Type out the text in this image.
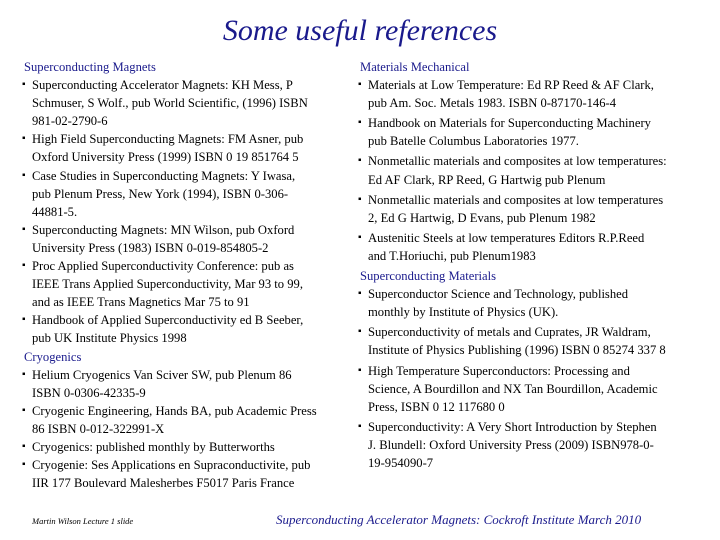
Some useful references
Superconducting Magnets
▪ Superconducting Accelerator Magnets: KH Mess, P
Schmuser, S Wolf., pub World Scientific, (1996) ISBN
981-02-2790-6
▪ High Field Superconducting Magnets: FM Asner, pub
Oxford University Press (1999) ISBN 0 19 851764 5
▪ Case Studies in Superconducting Magnets: Y Iwasa,
pub Plenum Press, New York (1994), ISBN 0-306-
44881-5.
▪ Superconducting Magnets: MN Wilson, pub Oxford
University Press (1983) ISBN 0-019-854805-2
▪ Proc Applied Superconductivity Conference: pub as
IEEE Trans Applied Superconductivity, Mar 93 to 99,
and as IEEE Trans Magnetics Mar 75 to 91
▪ Handbook of Applied Superconductivity ed B Seeber,
pub UK Institute Physics 1998
Cryogenics
▪ Helium Cryogenics Van Sciver SW, pub Plenum 86
ISBN 0-0306-42335-9
▪ Cryogenic Engineering, Hands BA, pub Academic Press
86 ISBN 0-012-322991-X
▪ Cryogenics: published monthly by Butterworths
▪ Cryogenie: Ses Applications en Supraconductivite, pub
IIR 177 Boulevard Malesherbes F5017 Paris France
Materials Mechanical
▪ Materials at Low Temperature: Ed RP Reed & AF Clark,
pub Am. Soc. Metals 1983. ISBN 0-87170-146-4
▪ Handbook on Materials for Superconducting Machinery
pub Batelle Columbus Laboratories 1977.
▪ Nonmetallic materials and composites at low temperatures:
Ed AF Clark, RP Reed, G Hartwig pub Plenum
▪ Nonmetallic materials and composites at low temperatures
2, Ed G Hartwig, D Evans, pub Plenum 1982
▪ Austenitic Steels at low temperatures Editors R.P.Reed
and T.Horiuchi, pub Plenum1983
Superconducting Materials
▪ Superconductor Science and Technology, published
monthly by Institute of Physics (UK).
▪ Superconductivity of metals and Cuprates, JR Waldram,
Institute of Physics Publishing (1996) ISBN 0 85274 337 8
▪ High Temperature Superconductors: Processing and
Science, A Bourdillon and NX Tan Bourdillon, Academic
Press, ISBN 0 12 117680 0
▪ Superconductivity: A Very Short Introduction by Stephen
J. Blundell: Oxford University Press (2009) ISBN978-0-
19-954090-7
Martin Wilson Lecture 1 slide	Superconducting Accelerator Magnets: Cockroft Institute March 2010
